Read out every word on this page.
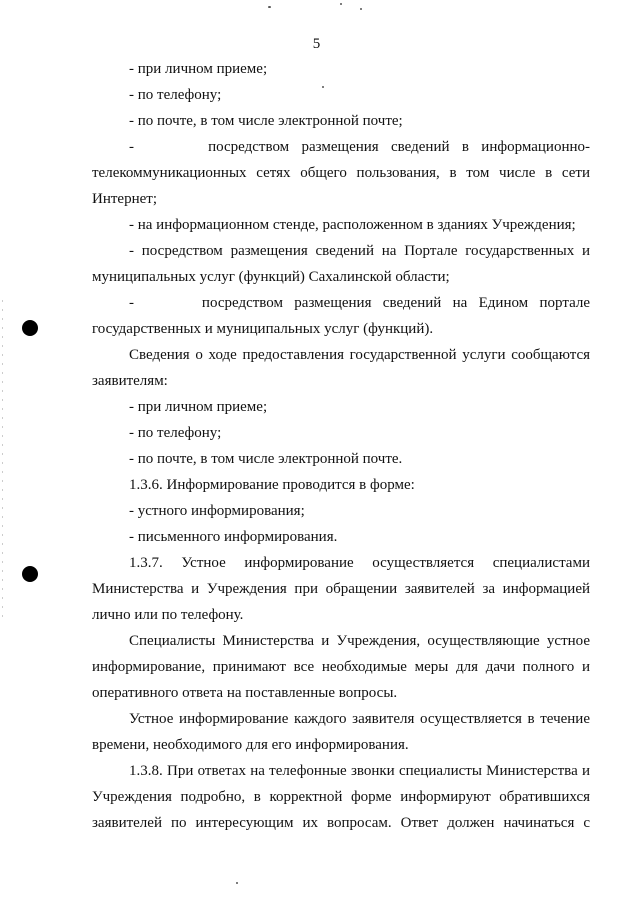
5

- при личном приеме;

- по телефону;

- по почте, в том числе электронной почте;

-      посредством размещения сведений в информационно-

телекоммуникационных сетях общего пользования, в том числе в сети

Интернет;

- на информационном стенде, расположенном в зданиях Учреждения;

- посредством размещения сведений на Портале государственных и

муниципальных услуг (функций) Сахалинской области;

-      посредством размещения сведений на Едином портале

государственных и муниципальных услуг (функций).

Сведения о ходе предоставления государственной услуги сообщаются

заявителям:

- при личном приеме;

- по телефону;

- по почте, в том числе электронной почте.

1.3.6. Информирование проводится в форме:

- устного информирования;

- письменного информирования.

1.3.7. Устное информирование осуществляется специалистами

Министерства и Учреждения при обращении заявителей за информацией

лично или по телефону.

Специалисты Министерства и Учреждения, осуществляющие устное

информирование, принимают все необходимые меры для дачи полного и

оперативного ответа на поставленные вопросы.

Устное информирование каждого заявителя осуществляется в течение

времени, необходимого для его информирования.

1.3.8. При ответах на телефонные звонки специалисты Министерства и

Учреждения подробно, в корректной форме информируют обратившихся

заявителей по интересующим их вопросам. Ответ должен начинаться с
